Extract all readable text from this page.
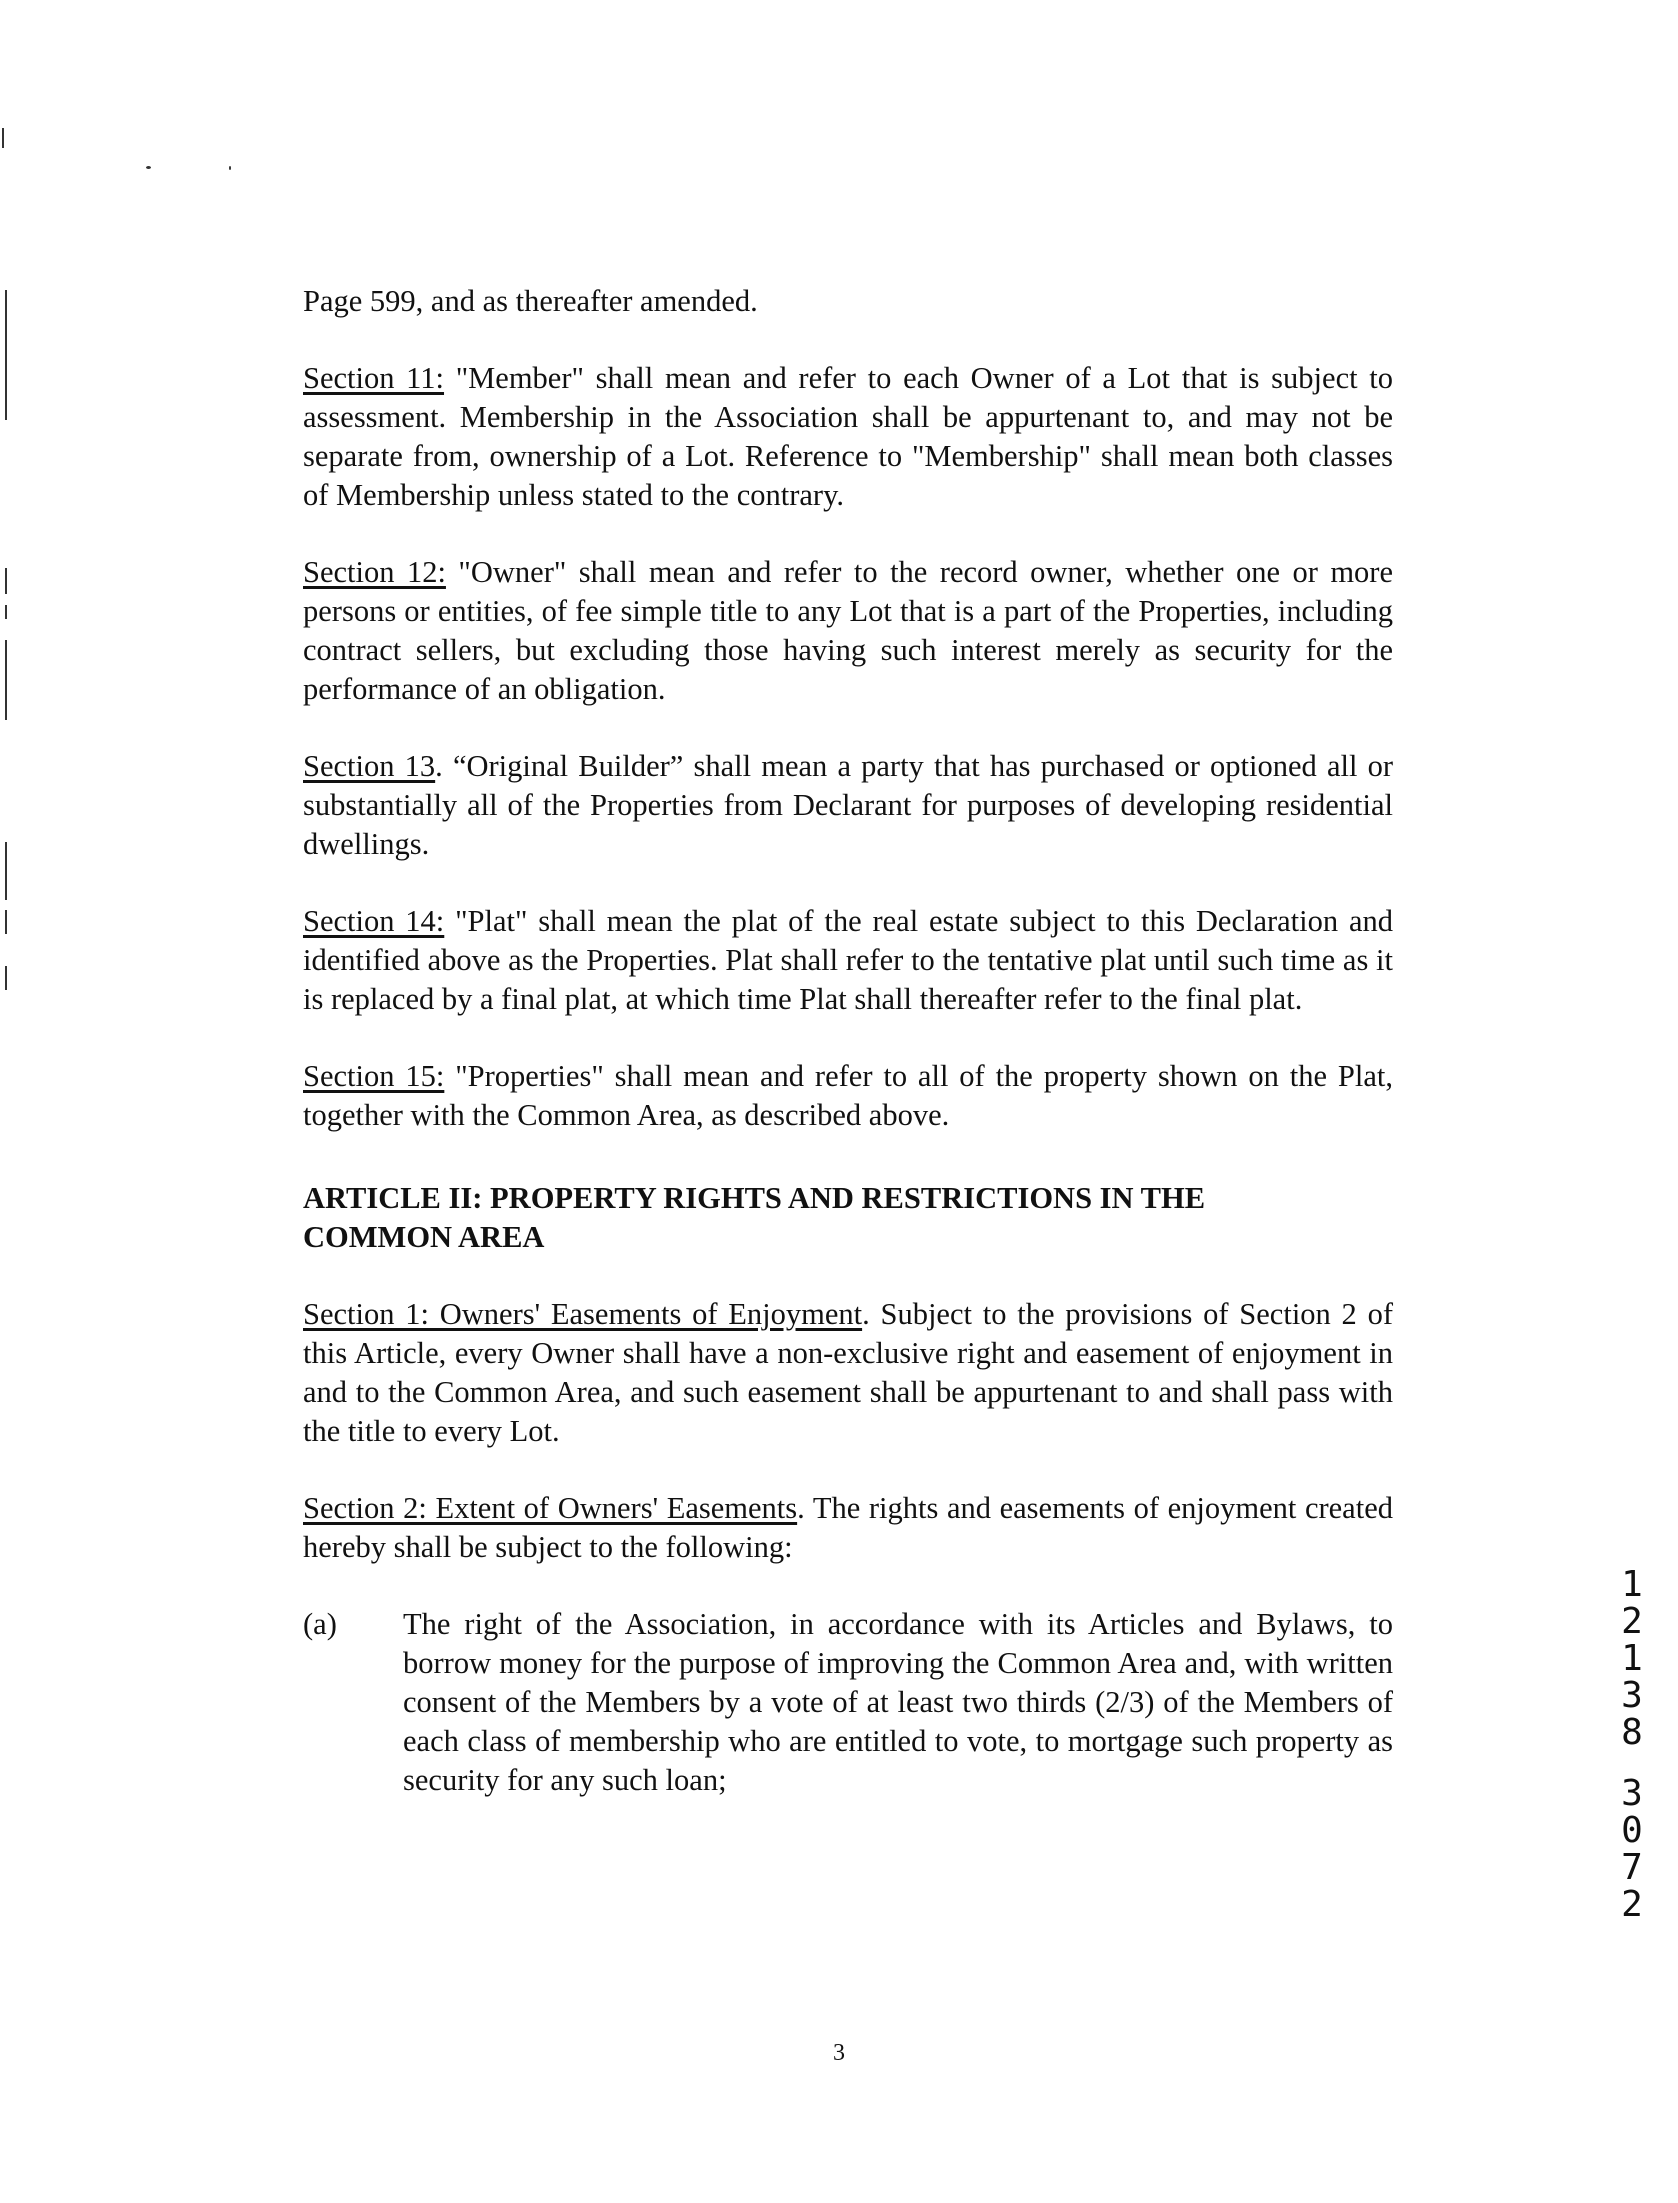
Page 599, and as thereafter amended.

Section 11: "Member" shall mean and refer to each Owner of a Lot that is subject to assessment. Membership in the Association shall be appurtenant to, and may not be separate from, ownership of a Lot. Reference to "Membership" shall mean both classes of Membership unless stated to the contrary.

Section 12: "Owner" shall mean and refer to the record owner, whether one or more persons or entities, of fee simple title to any Lot that is a part of the Properties, including contract sellers, but excluding those having such interest merely as security for the performance of an obligation.

Section 13. “Original Builder” shall mean a party that has purchased or optioned all or substantially all of the Properties from Declarant for purposes of developing residential dwellings.

Section 14: "Plat" shall mean the plat of the real estate subject to this Declaration and identified above as the Properties. Plat shall refer to the tentative plat until such time as it is replaced by a final plat, at which time Plat shall thereafter refer to the final plat.

Section 15: "Properties" shall mean and refer to all of the property shown on the Plat, together with the Common Area, as described above.

ARTICLE II: PROPERTY RIGHTS AND RESTRICTIONS IN THE COMMON AREA

Section 1: Owners' Easements of Enjoyment. Subject to the provisions of Section 2 of this Article, every Owner shall have a non-exclusive right and easement of enjoyment in and to the Common Area, and such easement shall be appurtenant to and shall pass with the title to every Lot.

Section 2: Extent of Owners' Easements. The rights and easements of enjoyment created hereby shall be subject to the following:

(a)	The right of the Association, in accordance with its Articles and Bylaws, to borrow money for the purpose of improving the Common Area and, with written consent of the Members by a vote of at least two thirds (2/3) of the Members of each class of membership who are entitled to vote, to mortgage such property as security for any such loan;
1
2
1
3
8
3
0
7
2
3
